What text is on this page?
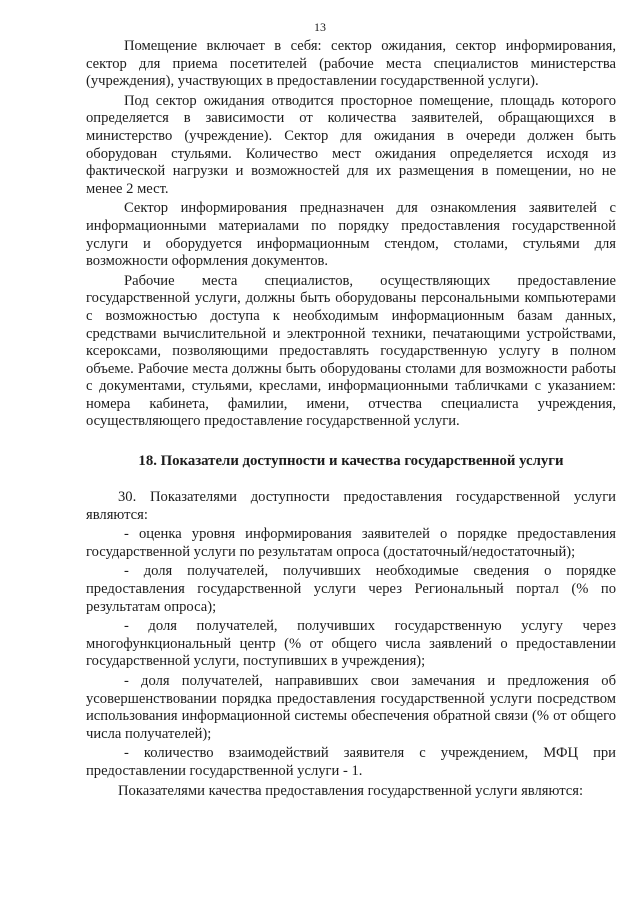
13

Помещение включает в себя: сектор ожидания, сектор информирования, сектор для приема посетителей (рабочие места специалистов министерства (учреждения), участвующих в предоставлении государственной услуги).

Под сектор ожидания отводится просторное помещение, площадь которого определяется в зависимости от количества заявителей, обращающихся в министерство (учреждение). Сектор для ожидания в очереди должен быть оборудован стульями. Количество мест ожидания определяется исходя из фактической нагрузки и возможностей для их размещения в помещении, но не менее 2 мест.

Сектор информирования предназначен для ознакомления заявителей с информационными материалами по порядку предоставления государственной услуги и оборудуется информационным стендом, столами, стульями для возможности оформления документов.

Рабочие места специалистов, осуществляющих предоставление государственной услуги, должны быть оборудованы персональными компьютерами с возможностью доступа к необходимым информационным базам данных, средствами вычислительной и электронной техники, печатающими устройствами, ксероксами, позволяющими предоставлять государственную услугу в полном объеме. Рабочие места должны быть оборудованы столами для возможности работы с документами, стульями, креслами, информационными табличками с указанием: номера кабинета, фамилии, имени, отчества специалиста учреждения, осуществляющего предоставление государственной услуги.

18. Показатели доступности и качества государственной услуги

30. Показателями доступности предоставления государственной услуги являются:

- оценка уровня информирования заявителей о порядке предоставления государственной услуги по результатам опроса (достаточный/недостаточный);

- доля получателей, получивших необходимые сведения о порядке предоставления государственной услуги через Региональный портал (% по результатам опроса);

- доля получателей, получивших государственную услугу через многофункциональный центр (% от общего числа заявлений о предоставлении государственной услуги, поступивших в учреждения);

- доля получателей, направивших свои замечания и предложения об усовершенствовании порядка предоставления государственной услуги посредством использования информационной системы обеспечения обратной связи (% от общего числа получателей);

- количество взаимодействий заявителя с учреждением, МФЦ при предоставлении государственной услуги - 1.

Показателями качества предоставления государственной услуги являются:
